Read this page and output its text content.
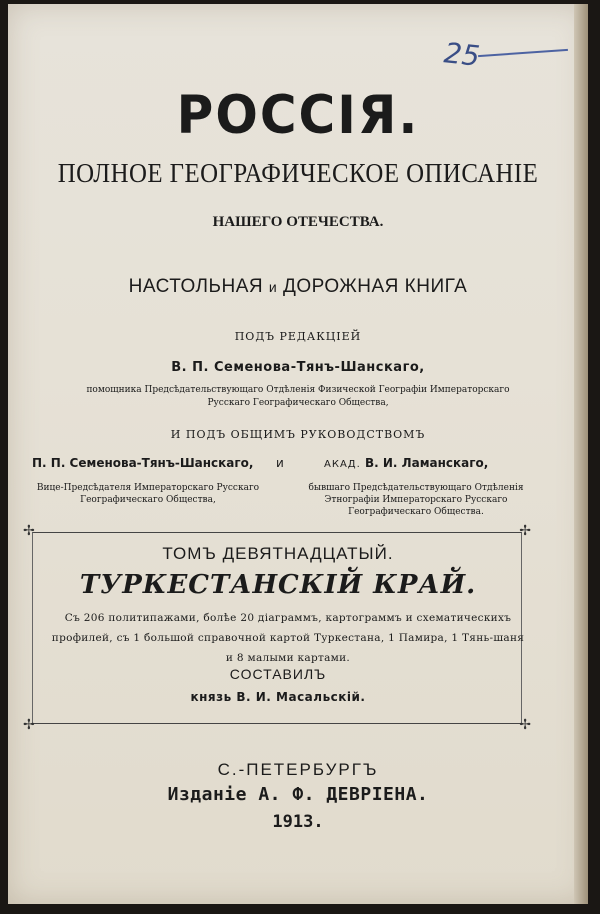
25
РОССІЯ.
ПОЛНОЕ ГЕОГРАФИЧЕСКОЕ ОПИСАНІЕ
НАШЕГО ОТЕЧЕСТВА.
НАСТОЛЬНАЯ и ДОРОЖНАЯ КНИГА
ПОДЪ РЕДАКЦІЕЙ
В. П. Семенова-Тянъ-Шанскаго,
помощника Предсѣдательствующаго Отдѣленія Физической Географіи Императорскаго Русскаго Географическаго Общества,
И ПОДЪ ОБЩИМЪ РУКОВОДСТВОМЪ
П. П. Семенова-Тянъ-Шанскаго,
Вице-Предсѣдателя Императорскаго Русскаго Географическаго Общества,
и	АКАД. В. И. Ламанскаго,
бывшаго Предсѣдательствующаго Отдѣленія Этнографіи Императорскаго Русскаго Географическаго Общества.
✢	✢
✢	✢
ТОМЪ ДЕВЯТНАДЦАТЫЙ.
ТУРКЕСТАНСКІЙ КРАЙ.
Съ 206 политипажами, болѣе 20 діаграммъ, картограммъ и схематическихъ профилей, съ 1 большой справочной картой Туркестана, 1 Памира, 1 Тянь-шаня и 8 малыми картами.
СОСТАВИЛЪ
князь В. И. Масальскій.
С.-ПЕТЕРБУРГЪ
Изданіе А. Ф. ДЕВРІЕНА.
1913.
